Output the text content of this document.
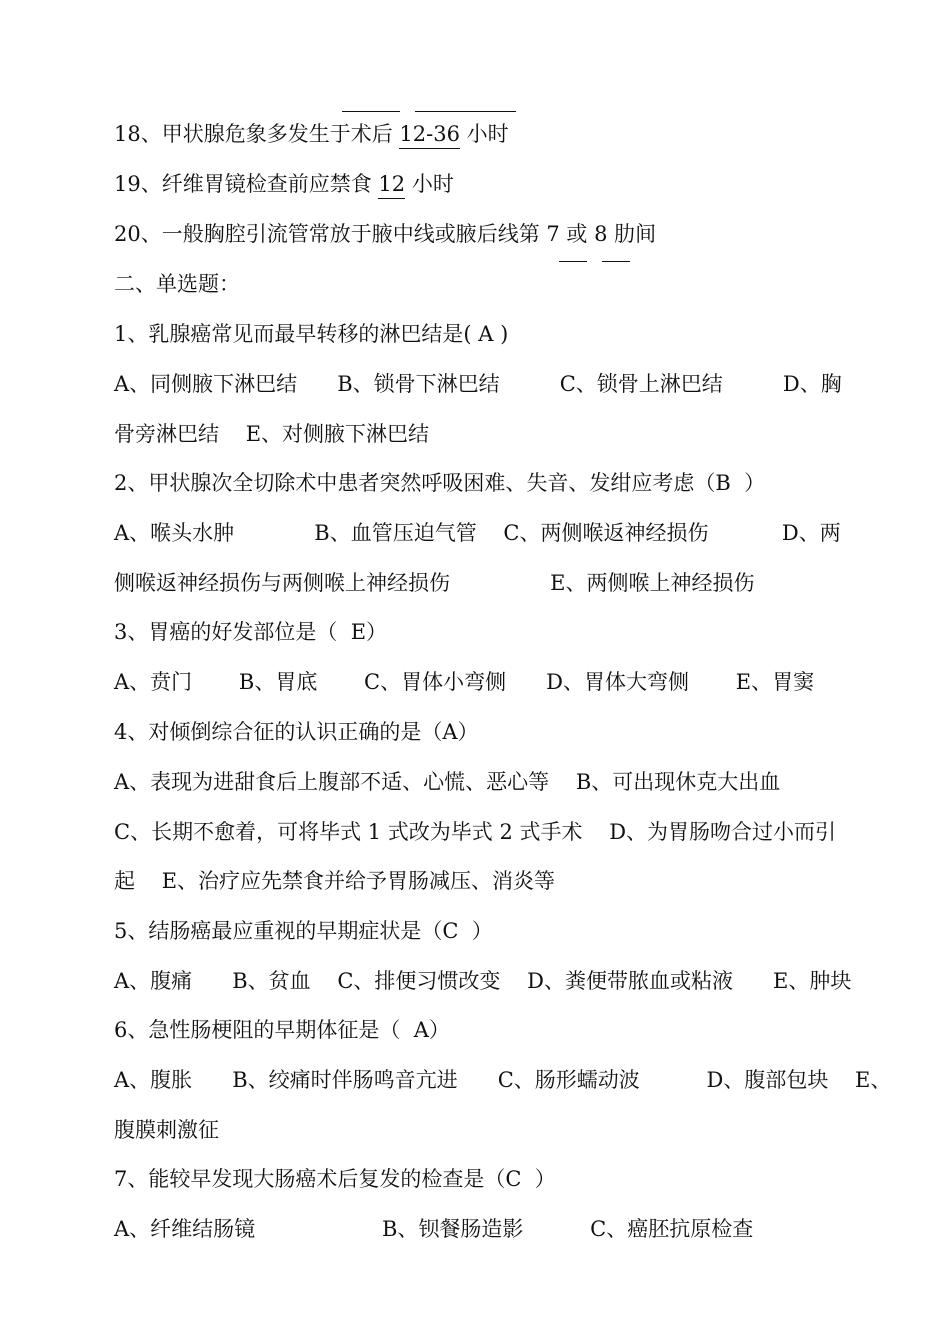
18、甲状腺危象多发生于术后 12-36 小时
19、纤维胃镜检查前应禁食 12 小时
20、一般胸腔引流管常放于腋中线或腋后线第 7 或 8 肋间
二、单选题：
1、乳腺癌常见而最早转移的淋巴结是( A )
A、同侧腋下淋巴结      B、锁骨下淋巴结         C、锁骨上淋巴结         D、胸
骨旁淋巴结    E、对侧腋下淋巴结
2、甲状腺次全切除术中患者突然呼吸困难、失音、发绀应考虑（B  ）
A、喉头水肿            B、血管压迫气管    C、两侧喉返神经损伤           D、两
侧喉返神经损伤与两侧喉上神经损伤               E、两侧喉上神经损伤
3、胃癌的好发部位是（  E）
A、贲门       B、胃底       C、胃体小弯侧      D、胃体大弯侧       E、胃窦
4、对倾倒综合征的认识正确的是（A）
A、表现为进甜食后上腹部不适、心慌、恶心等    B、可出现休克大出血
C、长期不愈着，可将毕式 1 式改为毕式 2 式手术    D、为胃肠吻合过小而引
起    E、治疗应先禁食并给予胃肠减压、消炎等
5、结肠癌最应重视的早期症状是（C  ）
A、腹痛      B、贫血    C、排便习惯改变    D、粪便带脓血或粘液      E、肿块
6、急性肠梗阻的早期体征是（  A）
A、腹胀      B、绞痛时伴肠鸣音亢进      C、肠形蠕动波          D、腹部包块    E、
腹膜刺激征
7、能较早发现大肠癌术后复发的检查是（C  ）
A、纤维结肠镜                   B、钡餐肠造影          C、癌胚抗原检查
